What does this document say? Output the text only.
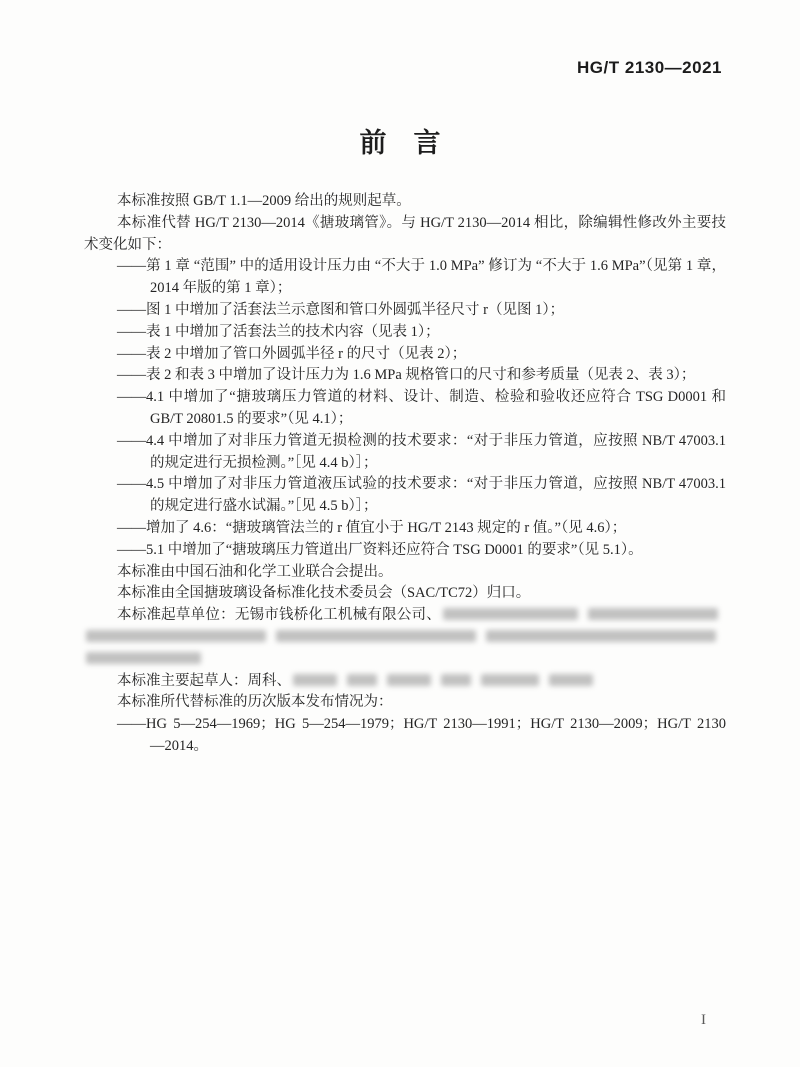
HG/T 2130—2021
前　言
本标准按照 GB/T 1.1—2009 给出的规则起草。
本标准代替 HG/T 2130—2014《搪玻璃管》。与 HG/T 2130—2014 相比，除编辑性修改外主要技术变化如下：
——第 1 章 “范围” 中的适用设计压力由 “不大于 1.0 MPa” 修订为 “不大于 1.6 MPa”（见第 1 章，2014 年版的第 1 章）；
——图 1 中增加了活套法兰示意图和管口外圆弧半径尺寸 r（见图 1）；
——表 1 中增加了活套法兰的技术内容（见表 1）；
——表 2 中增加了管口外圆弧半径 r 的尺寸（见表 2）；
——表 2 和表 3 中增加了设计压力为 1.6 MPa 规格管口的尺寸和参考质量（见表 2、表 3）；
——4.1 中增加了“搪玻璃压力管道的材料、设计、制造、检验和验收还应符合 TSG D0001 和 GB/T 20801.5 的要求”（见 4.1）；
——4.4 中增加了对非压力管道无损检测的技术要求：“对于非压力管道，应按照 NB/T 47003.1 的规定进行无损检测。”［见 4.4 b）］；
——4.5 中增加了对非压力管道液压试验的技术要求：“对于非压力管道，应按照 NB/T 47003.1 的规定进行盛水试漏。”［见 4.5 b）］；
——增加了 4.6：“搪玻璃管法兰的 r 值宜小于 HG/T 2143 规定的 r 值。”（见 4.6）；
——5.1 中增加了“搪玻璃压力管道出厂资料还应符合 TSG D0001 的要求”（见 5.1）。
本标准由中国石油和化学工业联合会提出。
本标准由全国搪玻璃设备标准化技术委员会（SAC/TC72）归口。
本标准起草单位：无锡市钱桥化工机械有限公司、
本标准主要起草人：周科、
本标准所代替标准的历次版本发布情况为：
——HG 5—254—1969；HG 5—254—1979；HG/T 2130—1991；HG/T 2130—2009；HG/T 2130—2014。
I
